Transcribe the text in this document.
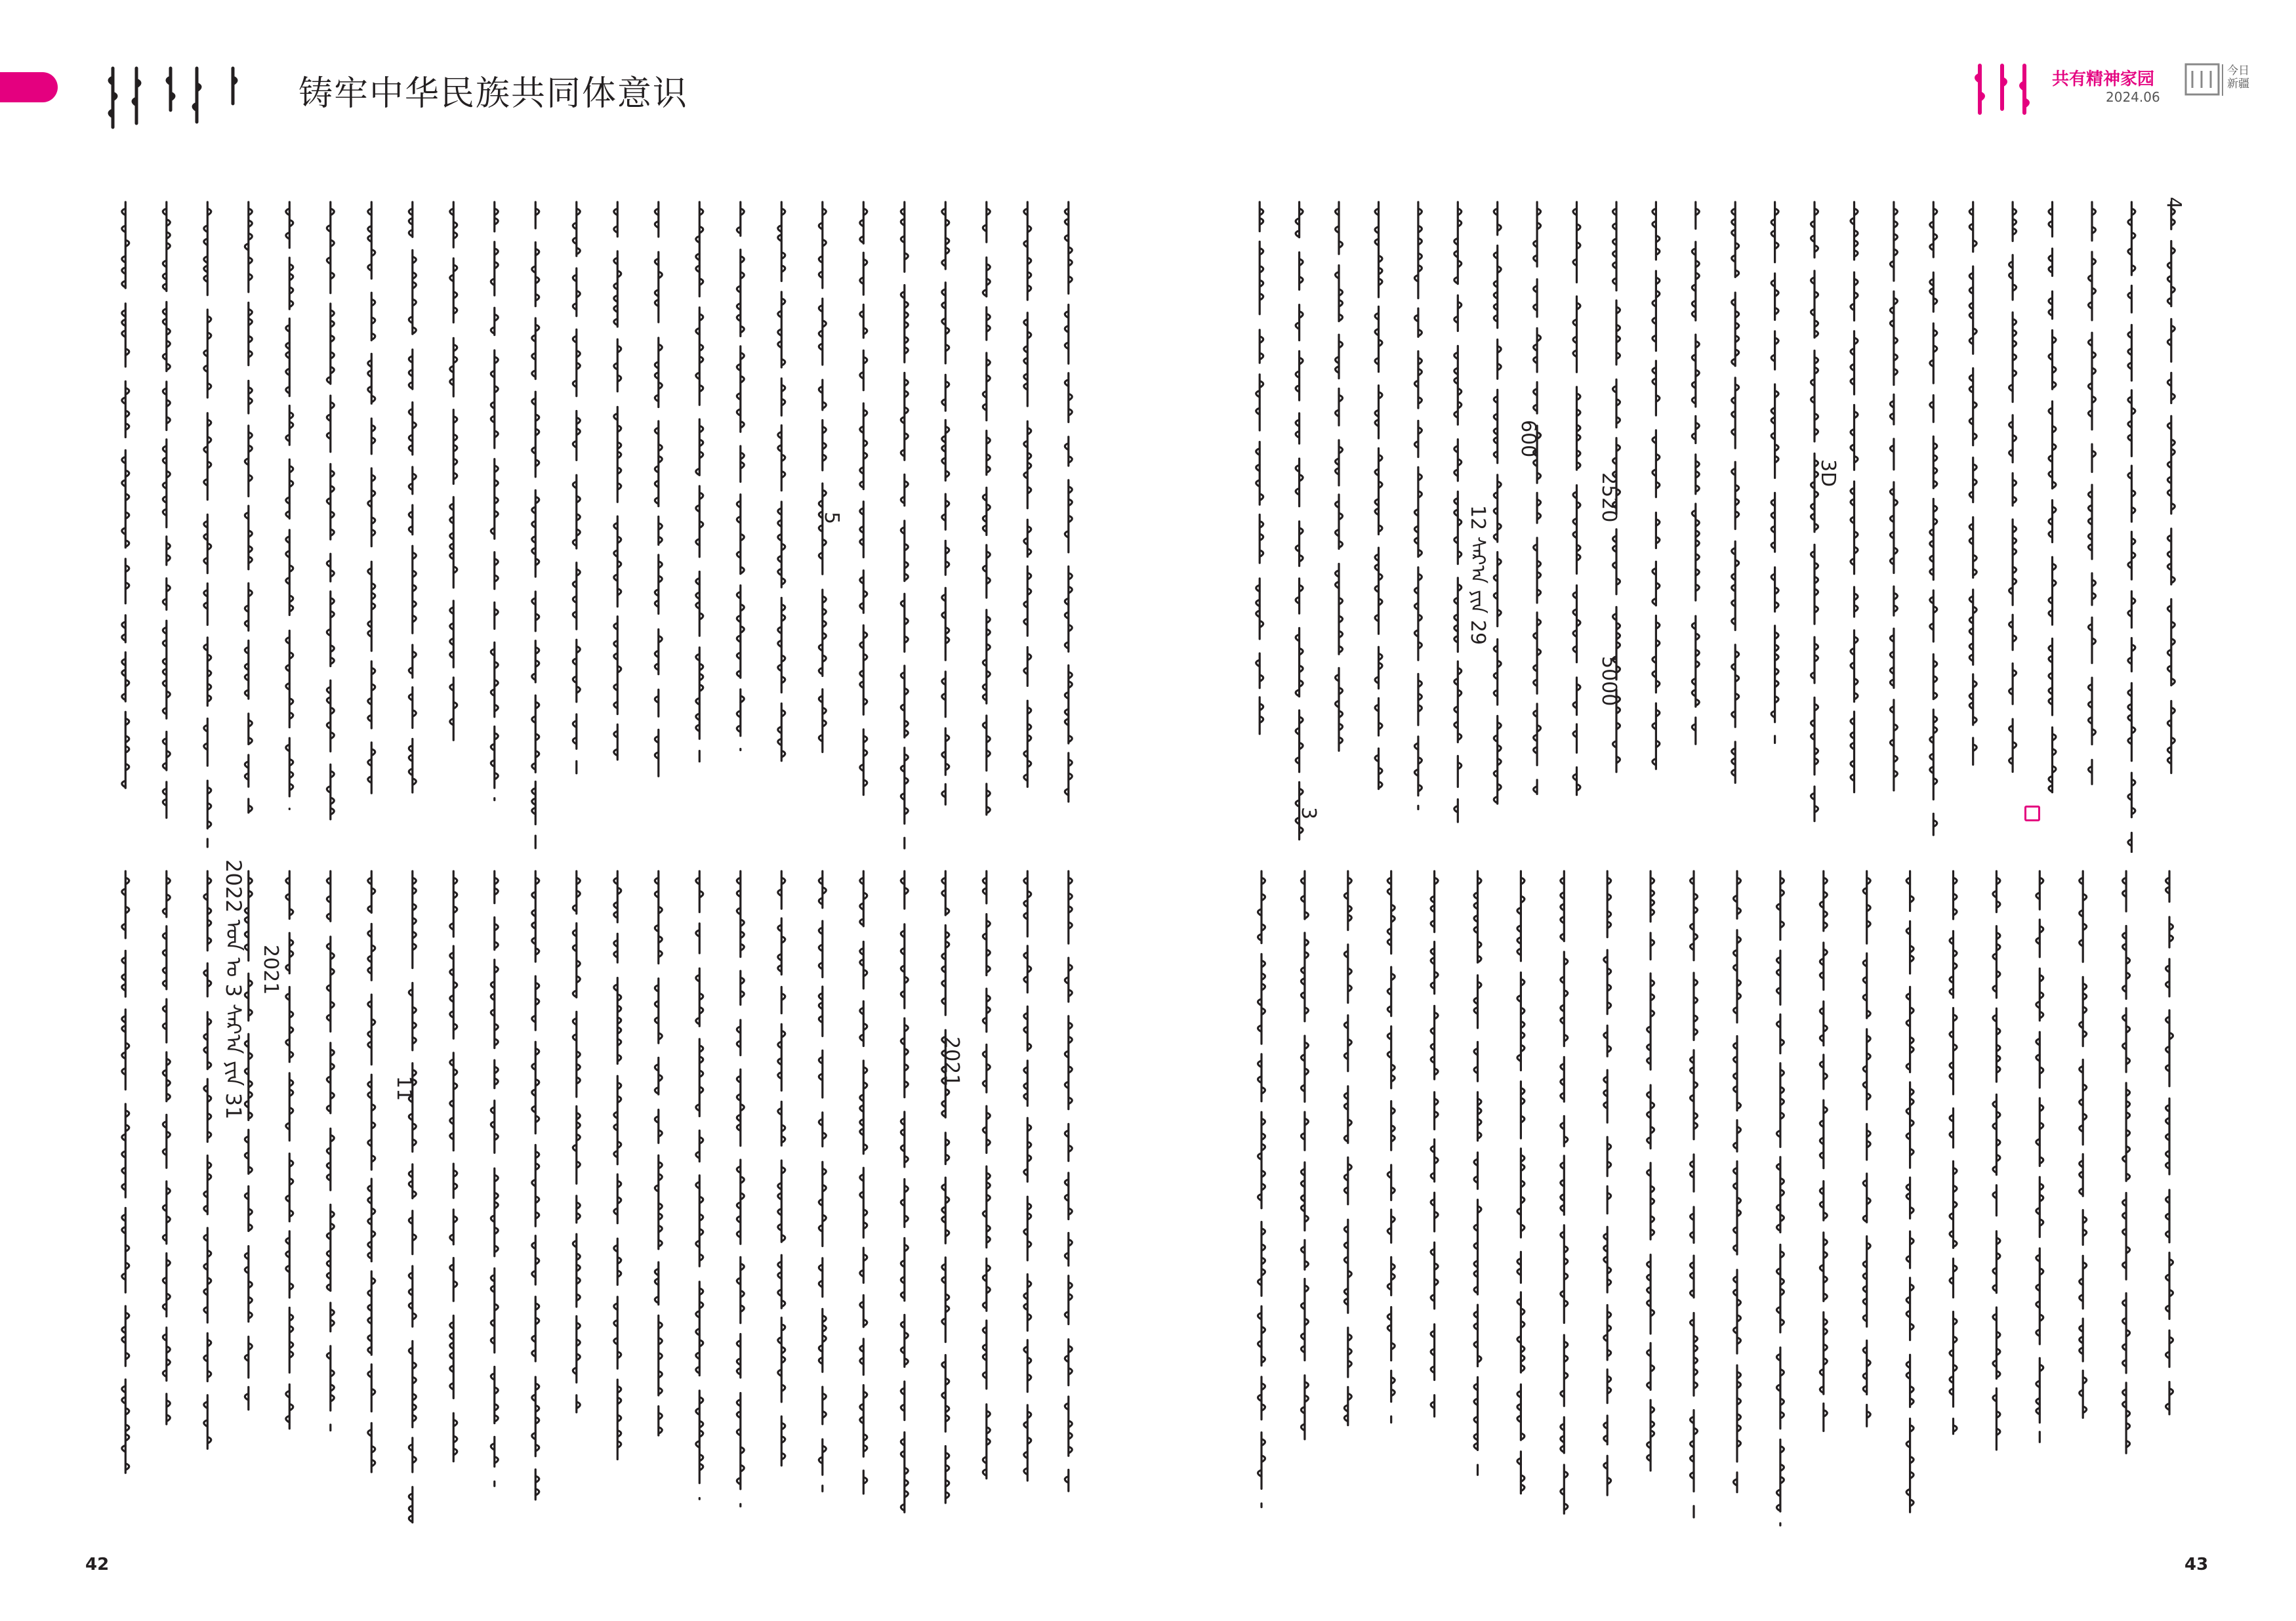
铸牢中华民族共同体意识	共有精神家园
2024.06
今日 新疆
2022 ᠣᠨ ᠤ 3 ᠰᠠᠷ᠎ᠠ ᠶᠢᠨ 31 2021
600
2520
5000
12 ᠰᠠᠷ᠎ᠠ ᠶᠢᠨ 29
3
3D
4
11
5
2021
42	43
